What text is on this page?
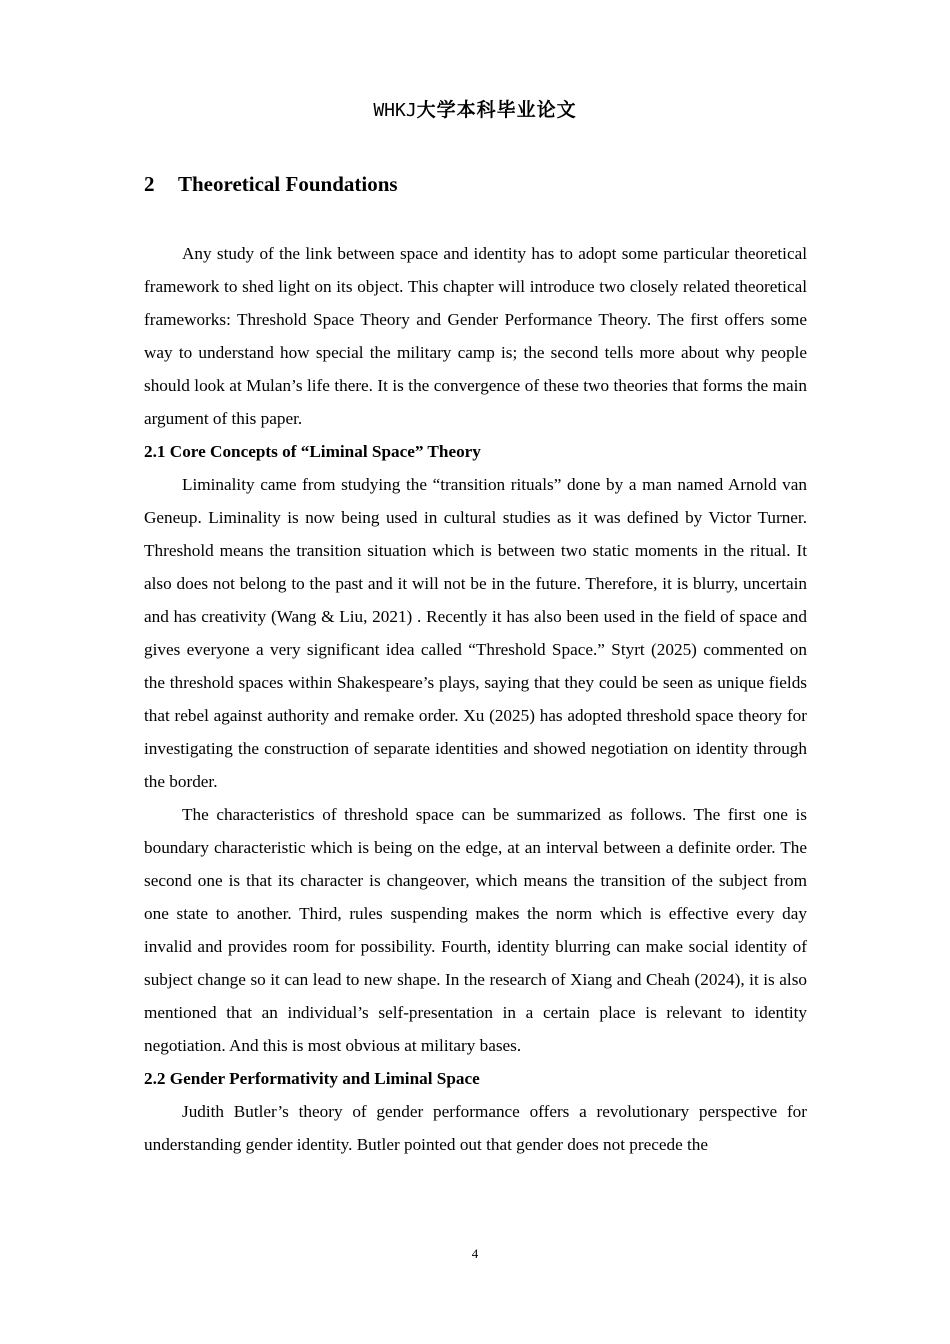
WHKJ大学本科毕业论文
2 Theoretical Foundations

Any study of the link between space and identity has to adopt some particular theoretical framework to shed light on its object. This chapter will introduce two closely related theoretical frameworks: Threshold Space Theory and Gender Performance Theory. The first offers some way to understand how special the military camp is; the second tells more about why people should look at Mulan’s life there. It is the convergence of these two theories that forms the main argument of this paper.

2.1 Core Concepts of “Liminal Space” Theory

Liminality came from studying the “transition rituals” done by a man named Arnold van Geneup. Liminality is now being used in cultural studies as it was defined by Victor Turner. Threshold means the transition situation which is between two static moments in the ritual. It also does not belong to the past and it will not be in the future. Therefore, it is blurry, uncertain and has creativity (Wang & Liu, 2021) . Recently it has also been used in the field of space and gives everyone a very significant idea called “Threshold Space.” Styrt (2025) commented on the threshold spaces within Shakespeare’s plays, saying that they could be seen as unique fields that rebel against authority and remake order. Xu (2025) has adopted threshold space theory for investigating the construction of separate identities and showed negotiation on identity through the border.

The characteristics of threshold space can be summarized as follows. The first one is boundary characteristic which is being on the edge, at an interval between a definite order. The second one is that its character is changeover, which means the transition of the subject from one state to another. Third, rules suspending makes the norm which is effective every day invalid and provides room for possibility. Fourth, identity blurring can make social identity of subject change so it can lead to new shape. In the research of Xiang and Cheah (2024), it is also mentioned that an individual’s self-presentation in a certain place is relevant to identity negotiation. And this is most obvious at military bases.

2.2 Gender Performativity and Liminal Space

Judith Butler’s theory of gender performance offers a revolutionary perspective for understanding gender identity. Butler pointed out that gender does not precede the

4
